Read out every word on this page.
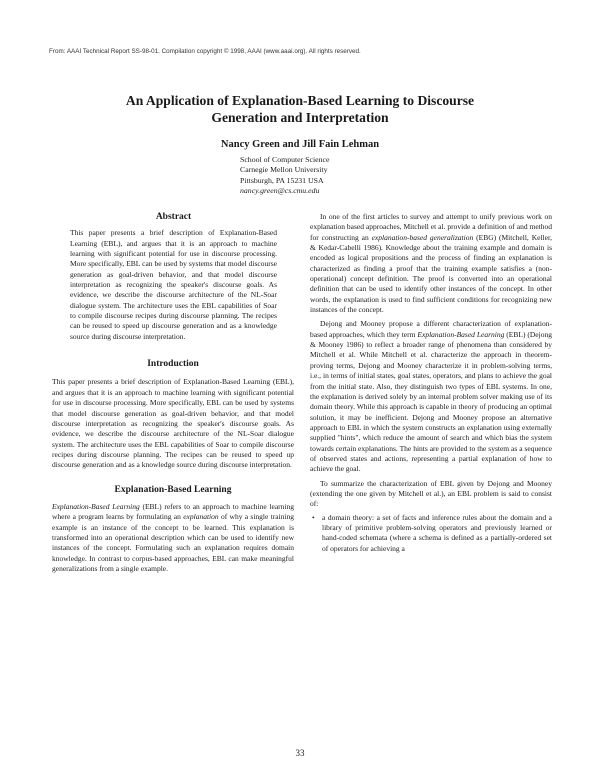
From: AAAI Technical Report SS-98-01. Compilation copyright © 1998, AAAI (www.aaai.org). All rights reserved.
An Application of Explanation-Based Learning to Discourse
Generation and Interpretation
Nancy Green and Jill Fain Lehman
School of Computer Science
Carnegie Mellon University
Pittsburgh, PA 15231 USA
nancy.green@cs.cmu.edu
Abstract

This paper presents a brief description of Explanation-Based Learning (EBL), and argues that it is an approach to machine learning with significant potential for use in discourse processing. More specifically, EBL can be used by systems that model discourse generation as goal-driven behavior, and that model discourse interpretation as recognizing the speaker's discourse goals. As evidence, we describe the discourse architecture of the NL-Soar dialogue system. The architecture uses the EBL capabilities of Soar to compile discourse recipes during discourse planning. The recipes can be reused to speed up discourse generation and as a knowledge source during discourse interpretation.

Introduction

This paper presents a brief description of Explanation-Based Learning (EBL), and argues that it is an approach to machine learning with significant potential for use in discourse processing. More specifically, EBL can be used by systems that model discourse generation as goal-driven behavior, and that model discourse interpretation as recognizing the speaker's discourse goals. As evidence, we describe the discourse architecture of the NL-Soar dialogue system. The architecture uses the EBL capabilities of Soar to compile discourse recipes during discourse planning. The recipes can be reused to speed up discourse generation and as a knowledge source during discourse interpretation.

Explanation-Based Learning

Explanation-Based Learning (EBL) refers to an approach to machine learning where a program learns by formulating an explanation of why a single training example is an instance of the concept to be learned. This explanation is transformed into an operational description which can be used to identify new instances of the concept. Formulating such an explanation requires domain knowledge. In contrast to corpus-based approaches, EBL can make meaningful generalizations from a single example.

In one of the first articles to survey and attempt to unify previous work on explanation based approaches, Mitchell et al. provide a definition of and method for constructing an explanation-based generalization (EBG) (Mitchell, Keller, & Kedar-Cabelli 1986). Knowledge about the training example and domain is encoded as logical propositions and the process of finding an explanation is characterized as finding a proof that the training example satisfies a (non-operational) concept definition. The proof is converted into an operational definition that can be used to identify other instances of the concept. In other words, the explanation is used to find sufficient conditions for recognizing new instances of the concept.

Dejong and Mooney propose a different characterization of explanation-based approaches, which they term Explanation-Based Learning (EBL) (Dejong & Mooney 1986) to reflect a broader range of phenomena than considered by Mitchell et al. While Mitchell et al. characterize the approach in theorem-proving terms, Dejong and Mooney characterize it in problem-solving terms, i.e., in terms of initial states, goal states, operators, and plans to achieve the goal from the initial state. Also, they distinguish two types of EBL systems. In one, the explanation is derived solely by an internal problem solver making use of its domain theory. While this approach is capable in theory of producing an optimal solution, it may be inefficient. Dejong and Mooney propose an alternative approach to EBL in which the system constructs an explanation using externally supplied "hints", which reduce the amount of search and which bias the system towards certain explanations. The hints are provided to the system as a sequence of observed states and actions, representing a partial explanation of how to achieve the goal.

To summarize the characterization of EBL given by Dejong and Mooney (extending the one given by Mitchell et al.), an EBL problem is said to consist of:

• a domain theory: a set of facts and inference rules about the domain and a library of primitive problem-solving operators and previously learned or hand-coded schemata (where a schema is defined as a partially-ordered set of operators for achieving a
33
